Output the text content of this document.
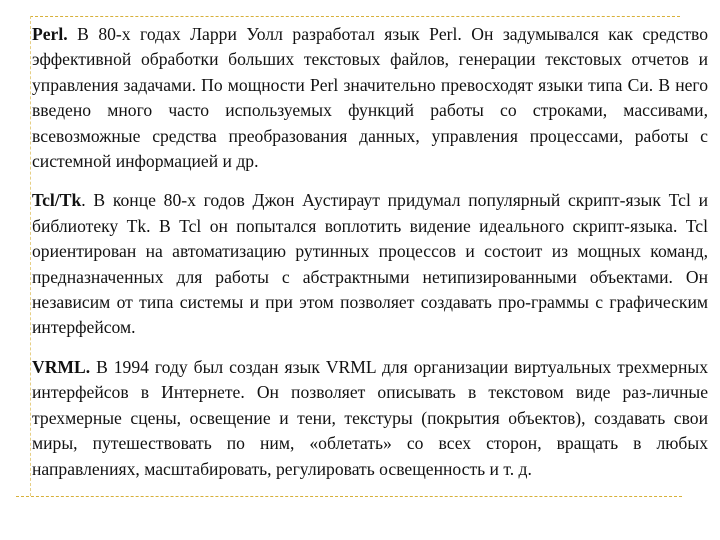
Perl. В 80-х годах Ларри Уолл разработал язык Perl. Он задумывался как средство эффективной обработки больших текстовых файлов, генерации текстовых отчетов и управления задачами. По мощности Perl значительно превосходят языки типа Си. В него введено много часто используемых функций работы со строками, массивами, всевозможные средства преобразования данных, управления процессами, работы с системной информацией и др.

Tcl/Tk. В конце 80-х годов Джон Аустираут придумал популярный скрипт-язык Tcl и библиотеку Tk. В Tcl он попытался воплотить видение идеального скрипт-языка. Tcl ориентирован на автоматизацию рутинных процессов и состоит из мощных команд, предназначенных для работы с абстрактными нетипизированными объектами. Он независим от типа системы и при этом позволяет создавать про-граммы с графическим интерфейсом.

VRML. В 1994 году был создан язык VRML для организации виртуальных трехмерных интерфейсов в Интернете. Он позволяет описывать в текстовом виде раз-личные трехмерные сцены, освещение и тени, текстуры (покрытия объектов), создавать свои миры, путешествовать по ним, «облетать» со всех сторон, вращать в любых направлениях, масштабировать, регулировать освещенность и т. д.
